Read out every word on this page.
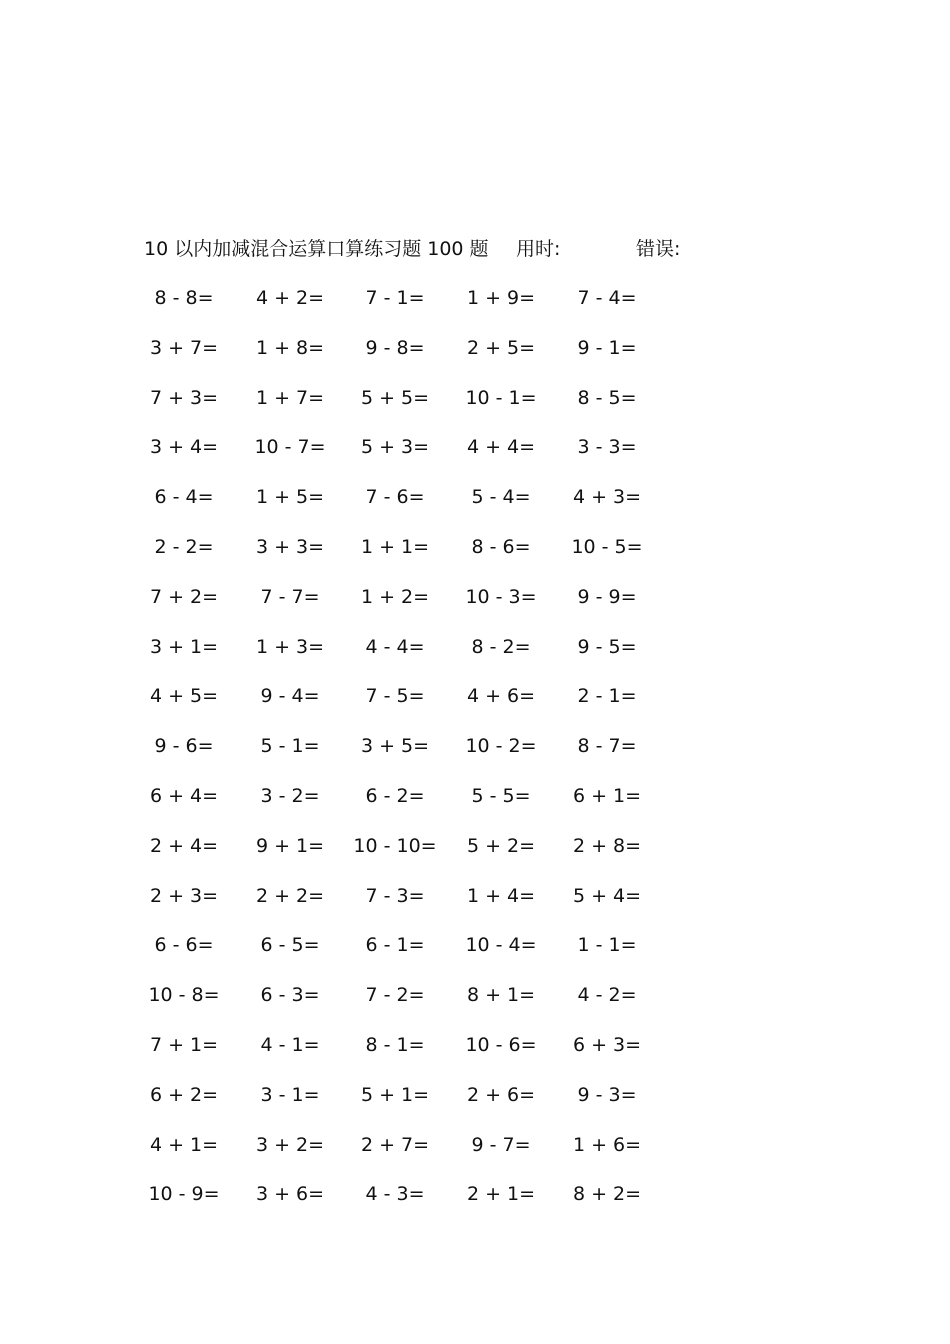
10 以内加减混合运算口算练习题 100 题 用时:	错误:
8 - 8=	4 + 2=	7 - 1=	1 + 9=	7 - 4=
3 + 7=	1 + 8=	9 - 8=	2 + 5=	9 - 1=
7 + 3=	1 + 7=	5 + 5=	10 - 1=	8 - 5=
3 + 4=	10 - 7=	5 + 3=	4 + 4=	3 - 3=
6 - 4=	1 + 5=	7 - 6=	5 - 4=	4 + 3=
2 - 2=	3 + 3=	1 + 1=	8 - 6=	10 - 5=
7 + 2=	7 - 7=	1 + 2=	10 - 3=	9 - 9=
3 + 1=	1 + 3=	4 - 4=	8 - 2=	9 - 5=
4 + 5=	9 - 4=	7 - 5=	4 + 6=	2 - 1=
9 - 6=	5 - 1=	3 + 5=	10 - 2=	8 - 7=
6 + 4=	3 - 2=	6 - 2=	5 - 5=	6 + 1=
2 + 4=	9 + 1=	10 - 10=	5 + 2=	2 + 8=
2 + 3=	2 + 2=	7 - 3=	1 + 4=	5 + 4=
6 - 6=	6 - 5=	6 - 1=	10 - 4=	1 - 1=
10 - 8=	6 - 3=	7 - 2=	8 + 1=	4 - 2=
7 + 1=	4 - 1=	8 - 1=	10 - 6=	6 + 3=
6 + 2=	3 - 1=	5 + 1=	2 + 6=	9 - 3=
4 + 1=	3 + 2=	2 + 7=	9 - 7=	1 + 6=
10 - 9=	3 + 6=	4 - 3=	2 + 1=	8 + 2=
